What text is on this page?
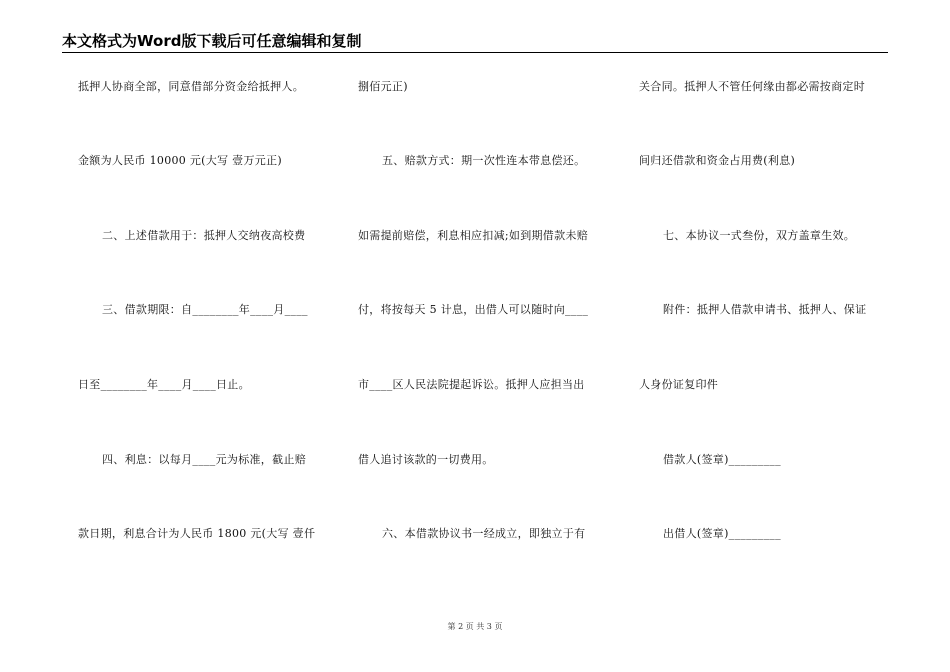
本文格式为Word版下载后可任意编辑和复制
抵押人协商全部，同意借部分资金给抵押人。
金额为人民币 10000 元(大写 壹万元正)
二、上述借款用于：抵押人交纳夜高校费
三、借款期限：自________年____月____
日至________年____月____日止。
四、利息：以每月____元为标准，截止赔
款日期，利息合计为人民币 1800 元(大写 壹仟
捌佰元正)
五、赔款方式：期一次性连本带息偿还。
如需提前赔偿，利息相应扣减;如到期借款未赔
付，将按每天 5 计息，出借人可以随时向____
市____区人民法院提起诉讼。抵押人应担当出
借人追讨该款的一切费用。
六、本借款协议书一经成立，即独立于有
关合同。抵押人不管任何缘由都必需按商定时
间归还借款和资金占用费(利息)
七、本协议一式叁份，双方盖章生效。
附件：抵押人借款申请书、抵押人、保证
人身份证复印件
借款人(签章)_________
出借人(签章)_________
第 2 页 共 3 页
